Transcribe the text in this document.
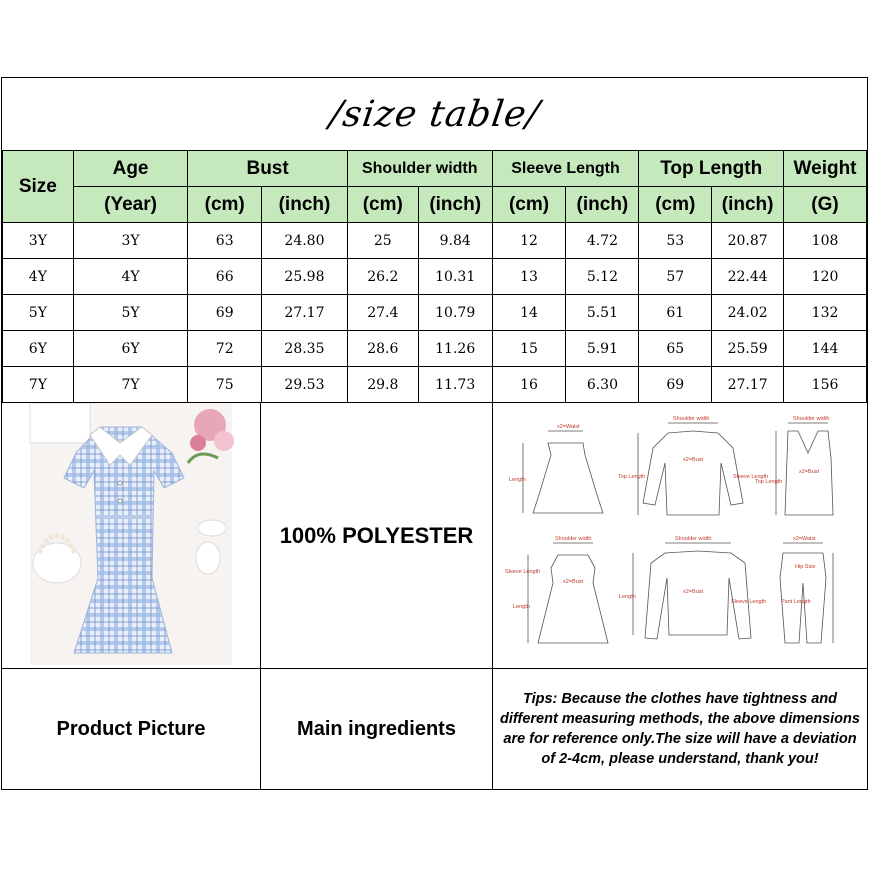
/size table/
Size	Age	Bust		Shoulder width		Sleeve Length		Top Length		Weight
	(Year)	(cm)	(inch)	(cm)	(inch)	(cm)	(inch)	(cm)	(inch)	(G)
3Y	3Y	63	24.80	25	9.84	12	4.72	53	20.87	108
4Y	4Y	66	25.98	26.2	10.31	13	5.12	57	22.44	120
5Y	5Y	69	27.17	27.4	10.79	14	5.51	61	24.02	132
6Y	6Y	72	28.35	28.6	11.26	15	5.91	65	25.59	144
7Y	7Y	75	29.53	29.8	11.73	16	6.30	69	27.17	156
100% POLYESTER
x2=Waist
Length
Shoulder width
x2=Bust
Top Length	Sleeve Length
Shoulder width
x2=Bust
Top Length
Shoulder width
Sleeve Length
x2=Bust
Length
Shoulder width
x2=Bust
Length
Sleeve Length
x2=Waist
Hip Size
Pant Length
Product Picture	Main ingredients
Tips: Because the clothes have tightness and different measuring methods, the above dimensions are for reference only.The size will have a deviation of 2-4cm, please understand, thank you!
